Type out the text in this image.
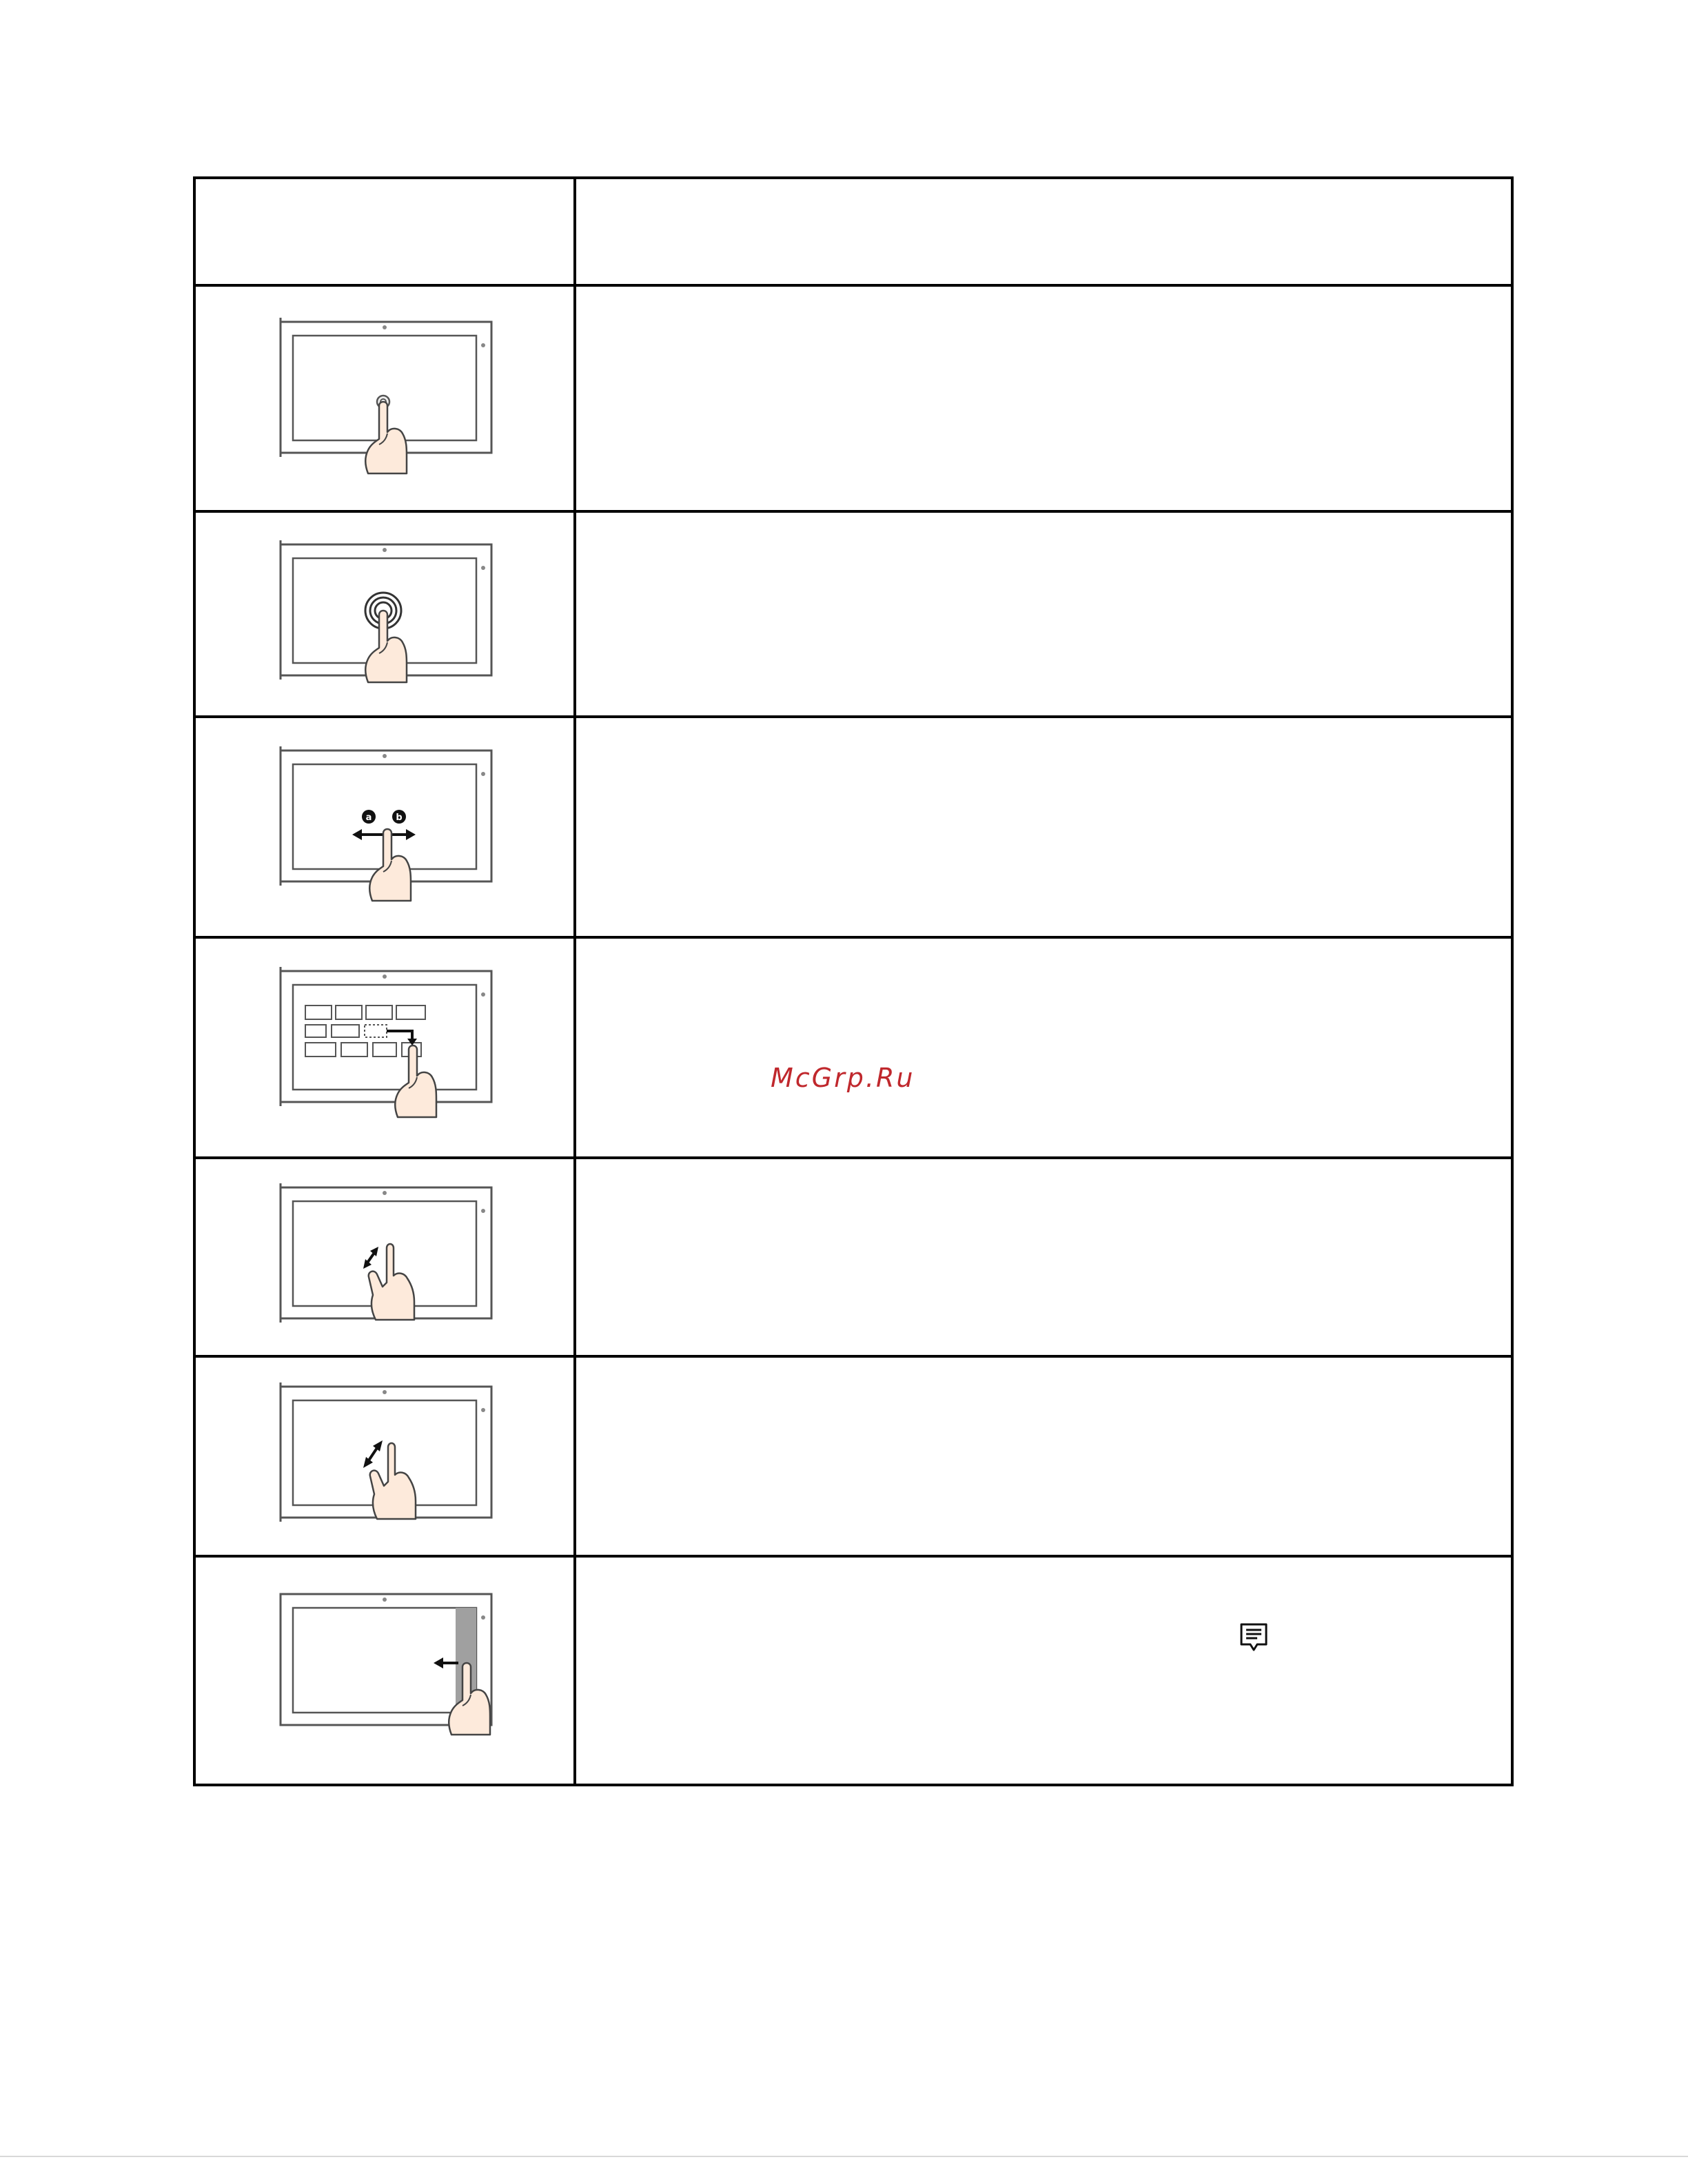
a b	

McGrp.Ru
